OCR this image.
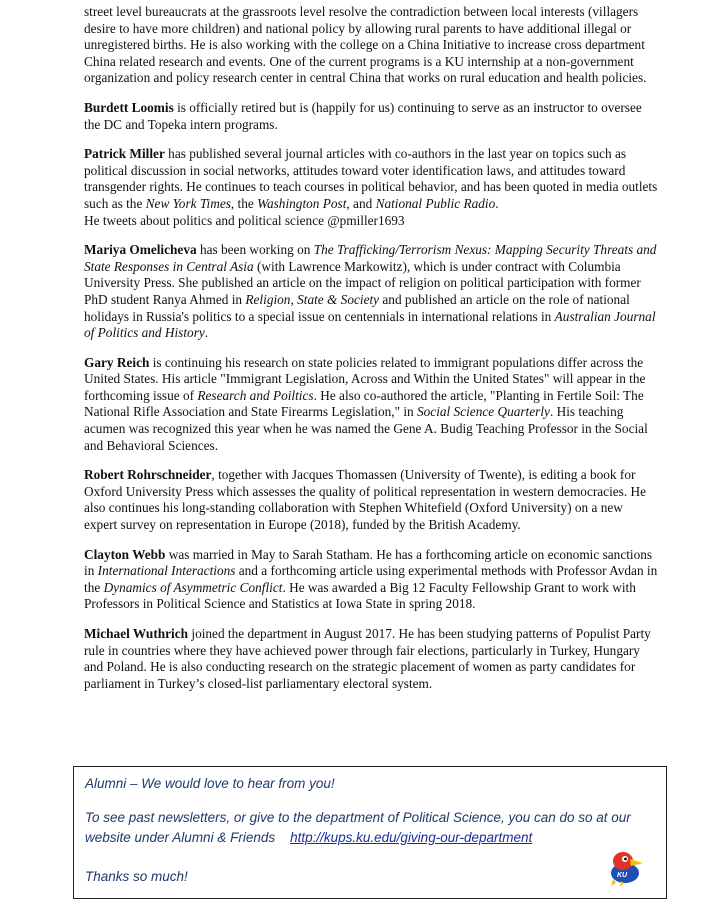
street level bureaucrats at the grassroots level resolve the contradiction between local interests (villagers desire to have more children) and national policy by allowing rural parents to have additional illegal or unregistered births. He is also working with the college on a China Initiative to increase cross department China related research and events. One of the current programs is a KU internship at a non-government organization and policy research center in central China that works on rural education and health policies.

Burdett Loomis is officially retired but is (happily for us) continuing to serve as an instructor to oversee the DC and Topeka intern programs.

Patrick Miller has published several journal articles with co-authors in the last year on topics such as political discussion in social networks, attitudes toward voter identification laws, and attitudes toward transgender rights. He continues to teach courses in political behavior, and has been quoted in media outlets such as the New York Times, the Washington Post, and National Public Radio.
He tweets about politics and political science @pmiller1693

Mariya Omelicheva has been working on The Trafficking/Terrorism Nexus: Mapping Security Threats and State Responses in Central Asia (with Lawrence Markowitz), which is under contract with Columbia University Press. She published an article on the impact of religion on political participation with former PhD student Ranya Ahmed in Religion, State & Society and published an article on the role of national holidays in Russia's politics to a special issue on centennials in international relations in Australian Journal of Politics and History.

Gary Reich is continuing his research on state policies related to immigrant populations differ across the United States. His article "Immigrant Legislation, Across and Within the United States" will appear in the forthcoming issue of Research and Poiltics. He also co-authored the article, "Planting in Fertile Soil: The National Rifle Association and State Firearms Legislation," in Social Science Quarterly. His teaching acumen was recognized this year when he was named the Gene A. Budig Teaching Professor in the Social and Behavioral Sciences.

Robert Rohrschneider, together with Jacques Thomassen (University of Twente), is editing a book for Oxford University Press which assesses the quality of political representation in western democracies. He also continues his long-standing collaboration with Stephen Whitefield (Oxford University) on a new expert survey on representation in Europe (2018), funded by the British Academy.

Clayton Webb was married in May to Sarah Statham. He has a forthcoming article on economic sanctions in International Interactions and a forthcoming article using experimental methods with Professor Avdan in the Dynamics of Asymmetric Conflict. He was awarded a Big 12 Faculty Fellowship Grant to work with Professors in Political Science and Statistics at Iowa State in spring 2018.

Michael Wuthrich joined the department in August 2017. He has been studying patterns of Populist Party rule in countries where they have achieved power through fair elections, particularly in Turkey, Hungary and Poland. He is also conducting research on the strategic placement of women as party candidates for parliament in Turkey’s closed-list parliamentary electoral system.

Alumni – We would love to hear from you!

To see past newsletters, or give to the department of Political Science, you can do so at our website under Alumni & Friends http://kups.ku.edu/giving-our-department

Thanks so much!	KU
